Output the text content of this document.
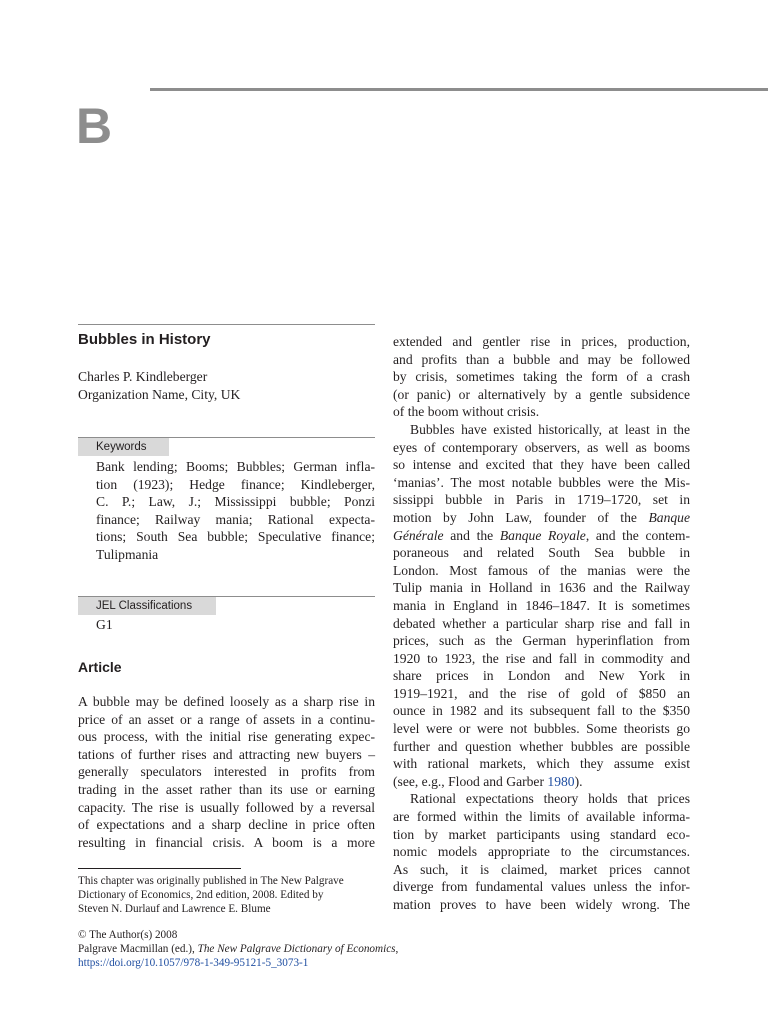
B
Bubbles in History
Charles P. Kindleberger
Organization Name, City, UK
Keywords
Bank lending; Booms; Bubbles; German infla-
tion (1923); Hedge finance; Kindleberger,
C. P.; Law, J.; Mississippi bubble; Ponzi
finance; Railway mania; Rational expecta-
tions; South Sea bubble; Speculative finance;
Tulipmania
JEL Classifications
G1
Article
A bubble may be defined loosely as a sharp rise in
price of an asset or a range of assets in a continu-
ous process, with the initial rise generating expec-
tations of further rises and attracting new buyers –
generally speculators interested in profits from
trading in the asset rather than its use or earning
capacity. The rise is usually followed by a reversal
of expectations and a sharp decline in price often
resulting in financial crisis. A boom is a more
extended and gentler rise in prices, production,
and profits than a bubble and may be followed
by crisis, sometimes taking the form of a crash
(or panic) or alternatively by a gentle subsidence
of the boom without crisis.
Bubbles have existed historically, at least in the
eyes of contemporary observers, as well as booms
so intense and excited that they have been called
‘manias’. The most notable bubbles were the Mis-
sissippi bubble in Paris in 1719–1720, set in
motion by John Law, founder of the Banque
Générale and the Banque Royale, and the contem-
poraneous and related South Sea bubble in
London. Most famous of the manias were the
Tulip mania in Holland in 1636 and the Railway
mania in England in 1846–1847. It is sometimes
debated whether a particular sharp rise and fall in
prices, such as the German hyperinflation from
1920 to 1923, the rise and fall in commodity and
share prices in London and New York in
1919–1921, and the rise of gold of $850 an
ounce in 1982 and its subsequent fall to the $350
level were or were not bubbles. Some theorists go
further and question whether bubbles are possible
with rational markets, which they assume exist
(see, e.g., Flood and Garber 1980).
Rational expectations theory holds that prices
are formed within the limits of available informa-
tion by market participants using standard eco-
nomic models appropriate to the circumstances.
As such, it is claimed, market prices cannot
diverge from fundamental values unless the infor-
mation proves to have been widely wrong. The
This chapter was originally published in The New Palgrave
Dictionary of Economics, 2nd edition, 2008. Edited by
Steven N. Durlauf and Lawrence E. Blume
© The Author(s) 2008
Palgrave Macmillan (ed.), The New Palgrave Dictionary of Economics,
https://doi.org/10.1057/978-1-349-95121-5_3073-1
